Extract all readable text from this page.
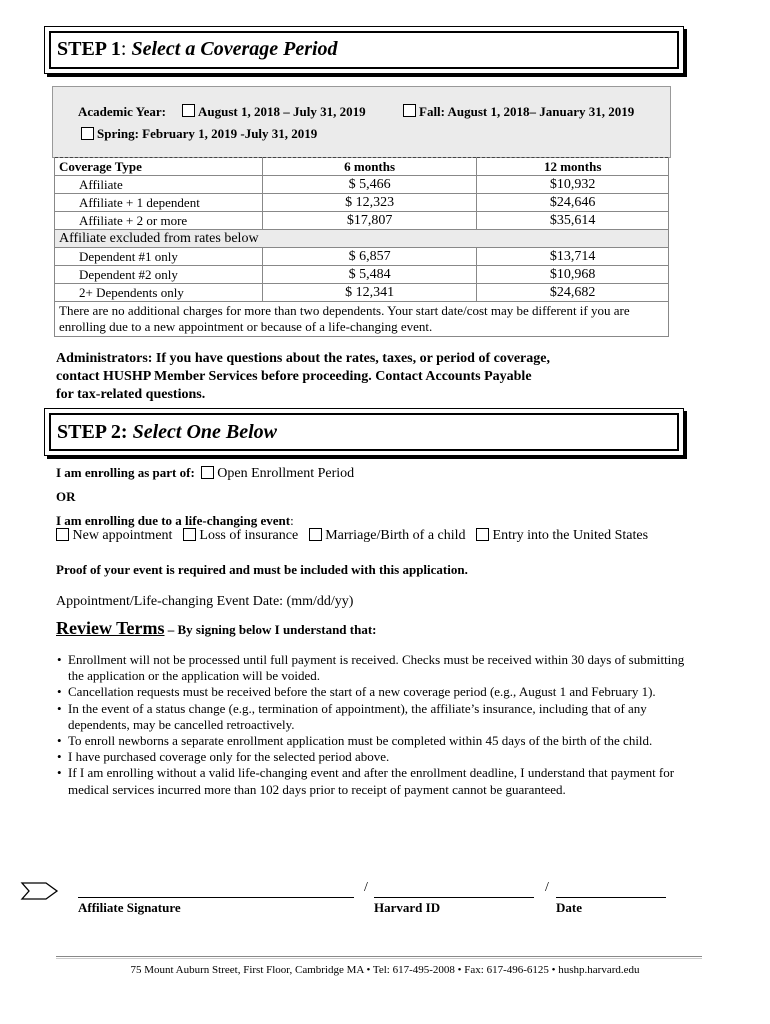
STEP 1: Select a Coverage Period
Academic Year: August 1, 2018 – July 31, 2019	Fall: August 1, 2018– January 31, 2019
Spring: February 1, 2019 -July 31, 2019
Coverage Type	6 months	12 months
Affiliate	$ 5,466	$10,932
Affiliate + 1 dependent	$ 12,323	$24,646
Affiliate + 2 or more	$17,807	$35,614
Affiliate excluded from rates below		
Dependent #1 only	$ 6,857	$13,714
Dependent #2 only	$ 5,484	$10,968
2+ Dependents only	$ 12,341	$24,682
There are no additional charges for more than two dependents. Your start date/cost may be different if you are enrolling due to a new appointment or because of a life-changing event.		
Administrators: If you have questions about the rates, taxes, or period of coverage,
contact HUSHP Member Services before proceeding. Contact Accounts Payable
for tax-related questions.
STEP 2: Select One Below
I am enrolling as part of: Open Enrollment Period
OR
I am enrolling due to a life-changing event:
New appointment Loss of insurance Marriage/Birth of a child Entry into the United States
Proof of your event is required and must be included with this application.
Appointment/Life-changing Event Date: (mm/dd/yy)
Review Terms – By signing below I understand that:
• Enrollment will not be processed until full payment is received. Checks must be received within 30 days of submitting the application or the application will be voided.
• Cancellation requests must be received before the start of a new coverage period (e.g., August 1 and February 1).
• In the event of a status change (e.g., termination of appointment), the affiliate’s insurance, including that of any dependents, may be cancelled retroactively.
• To enroll newborns a separate enrollment application must be completed within 45 days of the birth of the child.
• I have purchased coverage only for the selected period above.
• If I am enrolling without a valid life-changing event and after the enrollment deadline, I understand that payment for medical services incurred more than 102 days prior to receipt of payment cannot be guaranteed.
/	/
Affiliate Signature	Harvard ID	Date
75 Mount Auburn Street, First Floor, Cambridge MA • Tel: 617-495-2008 • Fax: 617-496-6125 • hushp.harvard.edu
